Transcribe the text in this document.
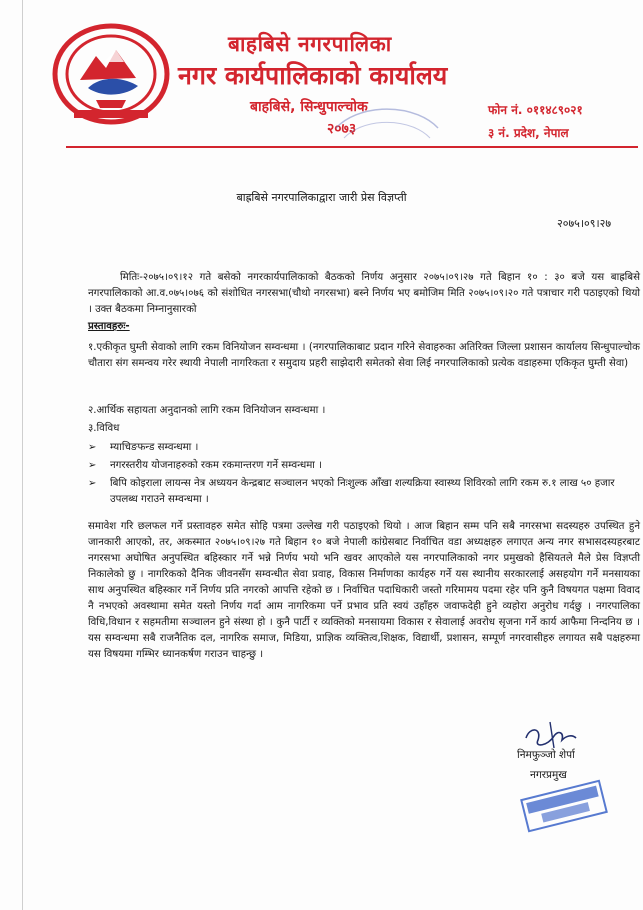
बाहबिसे नगरपालिका
नगर कार्यपालिकाको कार्यालय
बाहबिसे, सिन्धुपाल्चोक
२०७३
फोन नं. ०११४८९०२१
३ नं. प्रदेश, नेपाल
बाह्रबिसे नगरपालिकाद्वारा जारी प्रेस विज्ञप्ती
२०७५।०९।२७
मितिः-२०७५।०९।१२ गते बसेको नगरकार्यपालिकाको बैठकको निर्णय अनुसार २०७५।०९।२७ गते बिहान १० : ३० बजे यस बाह्रबिसे नगरपालिकाको आ.व.०७५।०७६ को संशोधित नगरसभा(चौथो नगरसभा) बस्ने निर्णय भए बमोजिम मिति २०७५।०९।२० गते पत्राचार गरी पठाइएको थियो । उक्त बैठकमा निम्नानुसारको
प्रस्तावहरुः-
१.एकीकृत घुम्ती सेवाको लागि रकम विनियोजन सम्वन्धमा । (नगरपालिकाबाट प्रदान गरिने सेवाहरुका अतिरिक्त जिल्ला प्रशासन कार्यालय सिन्धुपाल्चोक चौतारा संग समन्वय गरेर स्थायी नेपाली नागरिकता र समुदाय प्रहरी साझेदारी समेतको सेवा लिई नगरपालिकाको प्रत्येक वडाहरुमा एकिकृत घुम्ती सेवा)
२.आर्थिक सहायता अनुदानको लागि रकम विनियोजन सम्वन्धमा ।
३.विविध
➢ म्याचिङफन्ड सम्वन्धमा ।
➢ नगरस्तरीय योजनाहरुको रकम रकमान्तरण गर्ने सम्वन्धमा ।
➢ बिपि कोइराला लायन्स नेत्र अध्ययन केन्द्रबाट सञ्चालन भएको निःशुल्क आँखा शल्यक्रिया स्वास्थ्य शिविरको लागि रकम रु.१ लाख ५० हजार उपलब्ध गराउने सम्वन्धमा ।
समावेश गरि छलफल गर्ने प्रस्तावहरु समेत सोहि पत्रमा उल्लेख गरी पठाइएको थियो । आज बिहान सम्म पनि सबै नगरसभा सदस्यहरु उपस्थित हुने जानकारी आएको, तर, अकस्मात २०७५।०९।२७ गते बिहान १० बजे नेपाली कांग्रेसबाट निर्वाचित वडा अध्यक्षहरु लगाएत अन्य नगर सभासदस्यहरबाट नगरसभा अघोषित अनुपस्थित बहिस्कार गर्ने भन्ने निर्णय भयो भनि खवर आएकोले यस नगरपालिकाको नगर प्रमुखको हैसियतले मैले प्रेस विज्ञप्ती निकालेको छु । नागरिकको दैनिक जीवनसँग सम्वन्धीत सेवा प्रवाह, विकास निर्माणका कार्यहरु गर्ने यस स्थानीय सरकारलाई असहयोग गर्ने मनसायका साथ अनुपस्थित बहिस्कार गर्ने निर्णय प्रति नगरको आपत्ति रहेको छ । निर्वाचित पदाधिकारी जस्तो गरिमामय पदमा रहेर पनि कुनै विषयगत पक्षमा विवाद नै नभएको अवस्थामा समेत यस्तो निर्णय गर्दा आम नागरिकमा पर्ने प्रभाव प्रति स्वयं उहाँहरु जवाफदेही हुने व्यहोरा अनुरोध गर्दछु । नगरपालिका विधि,विधान र सहमतीमा सञ्चालन हुने संस्था हो । कुनै पार्टी र व्यक्तिको मनसायमा विकास र सेवालाई अवरोध सृजना गर्ने कार्य आफैमा निन्दनिय छ । यस सम्वन्धमा सबै राजनैतिक दल, नागरिक समाज, मिडिया, प्राज्ञिक व्यक्तित्व,शिक्षक, विद्यार्थी, प्रशासन, सम्पूर्ण नगरवासीहरु लगायत सबै पक्षहरुमा यस विषयमा गम्भिर ध्यानकर्षण गराउन चाहन्छु ।
निमफुञ्जो शेर्पा
नगरप्रमुख
